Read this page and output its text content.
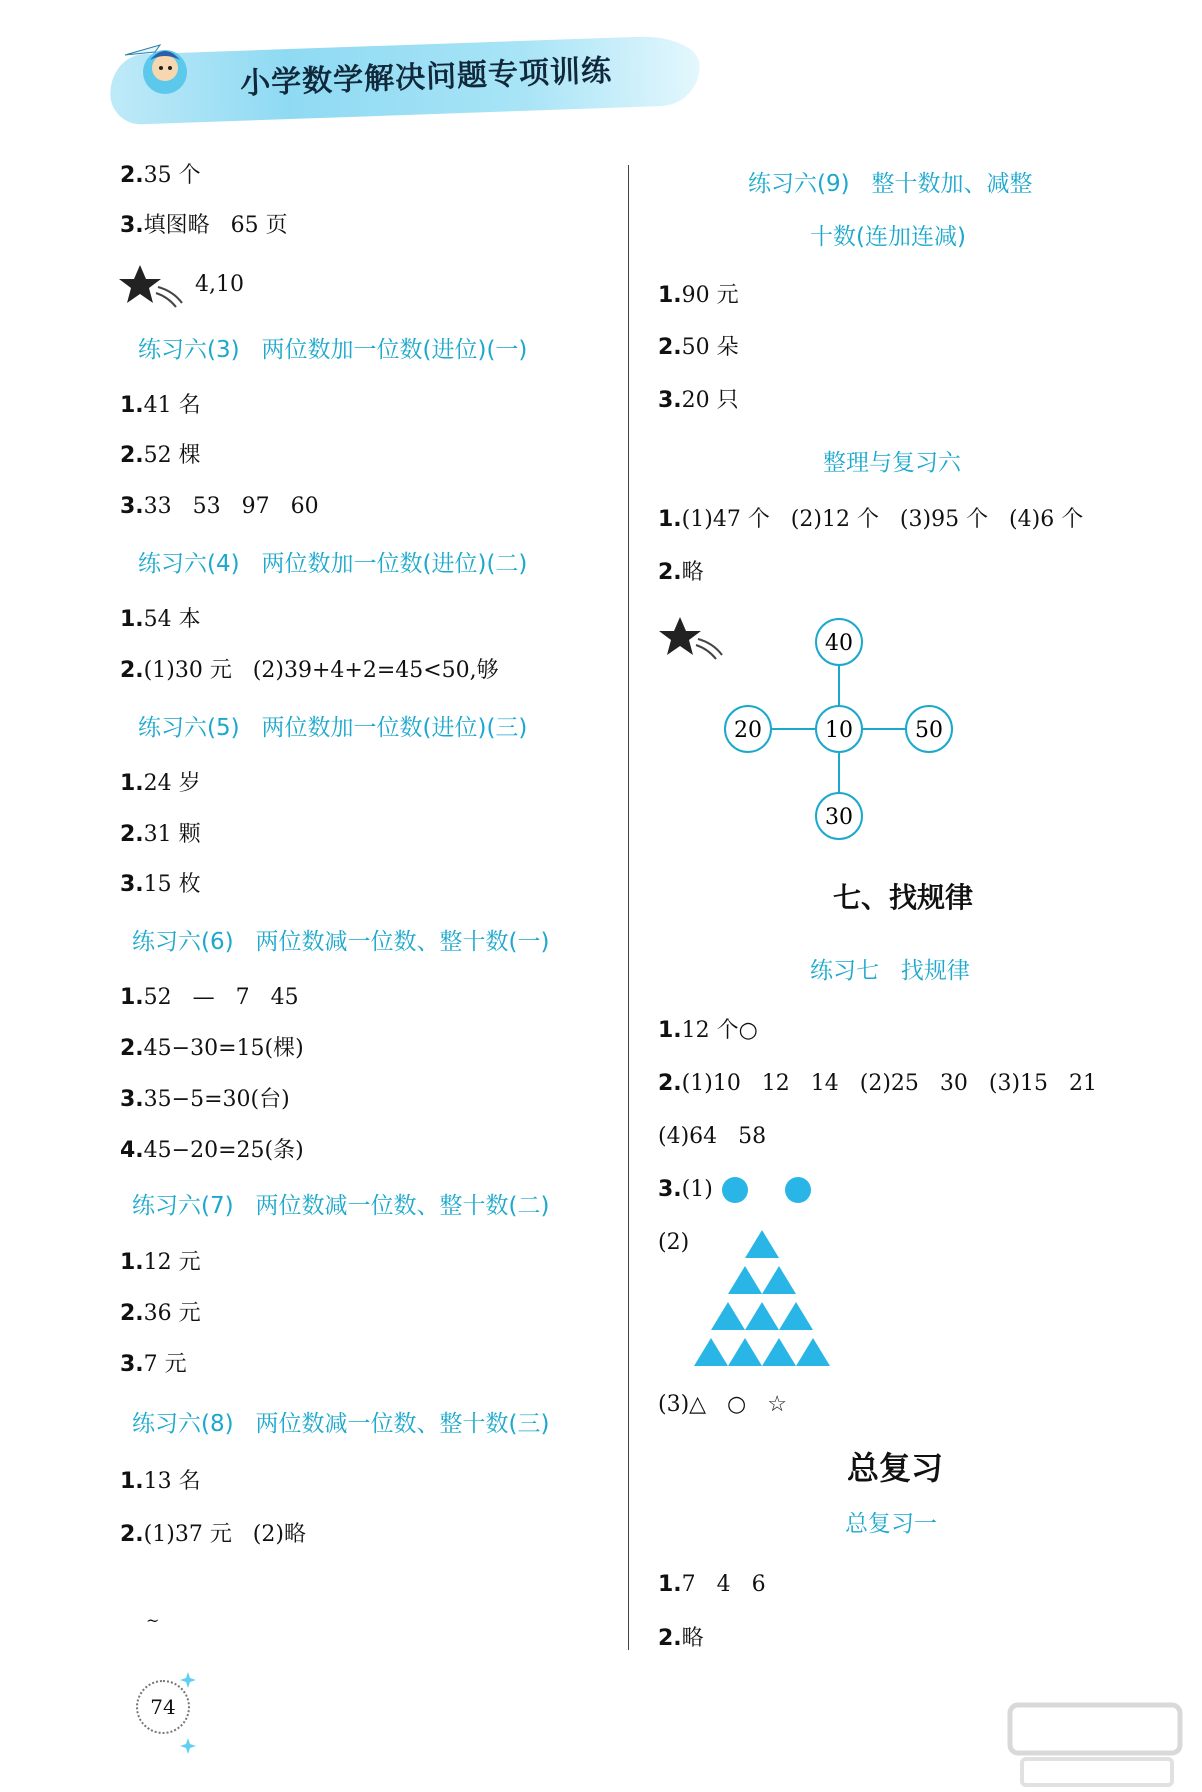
小学数学解决问题专项训练
2.35 个
3.填图略   65 页
4,10
练习六(3)   两位数加一位数(进位)(一)
1.41 名
2.52 棵
3.33   53   97   60
练习六(4)   两位数加一位数(进位)(二)
1.54 本
2.(1)30 元   (2)39+4+2=45<50,够
练习六(5)   两位数加一位数(进位)(三)
1.24 岁
2.31 颗
3.15 枚
练习六(6)   两位数减一位数、整十数(一)
1.52   —   7   45
2.45−30=15(棵)
3.35−5=30(台)
4.45−20=25(条)
练习六(7)   两位数减一位数、整十数(二)
1.12 元
2.36 元
3.7 元
练习六(8)   两位数减一位数、整十数(三)
1.13 名
2.(1)37 元   (2)略
~
练习六(9)   整十数加、减整
十数(连加连减)
1.90 元
2.50 朵
3.20 只
整理与复习六
1.(1)47 个   (2)12 个   (3)95 个   (4)6 个
2.略
40
20	10	50
30
七、找规律
练习七   找规律
1.12 个○
2.(1)10   12   14   (2)25   30   (3)15   21
(4)64   58
3.(1)
(2)
(3)△   ○   ☆
总复习
总复习一
1.7   4   6
2.略
74
